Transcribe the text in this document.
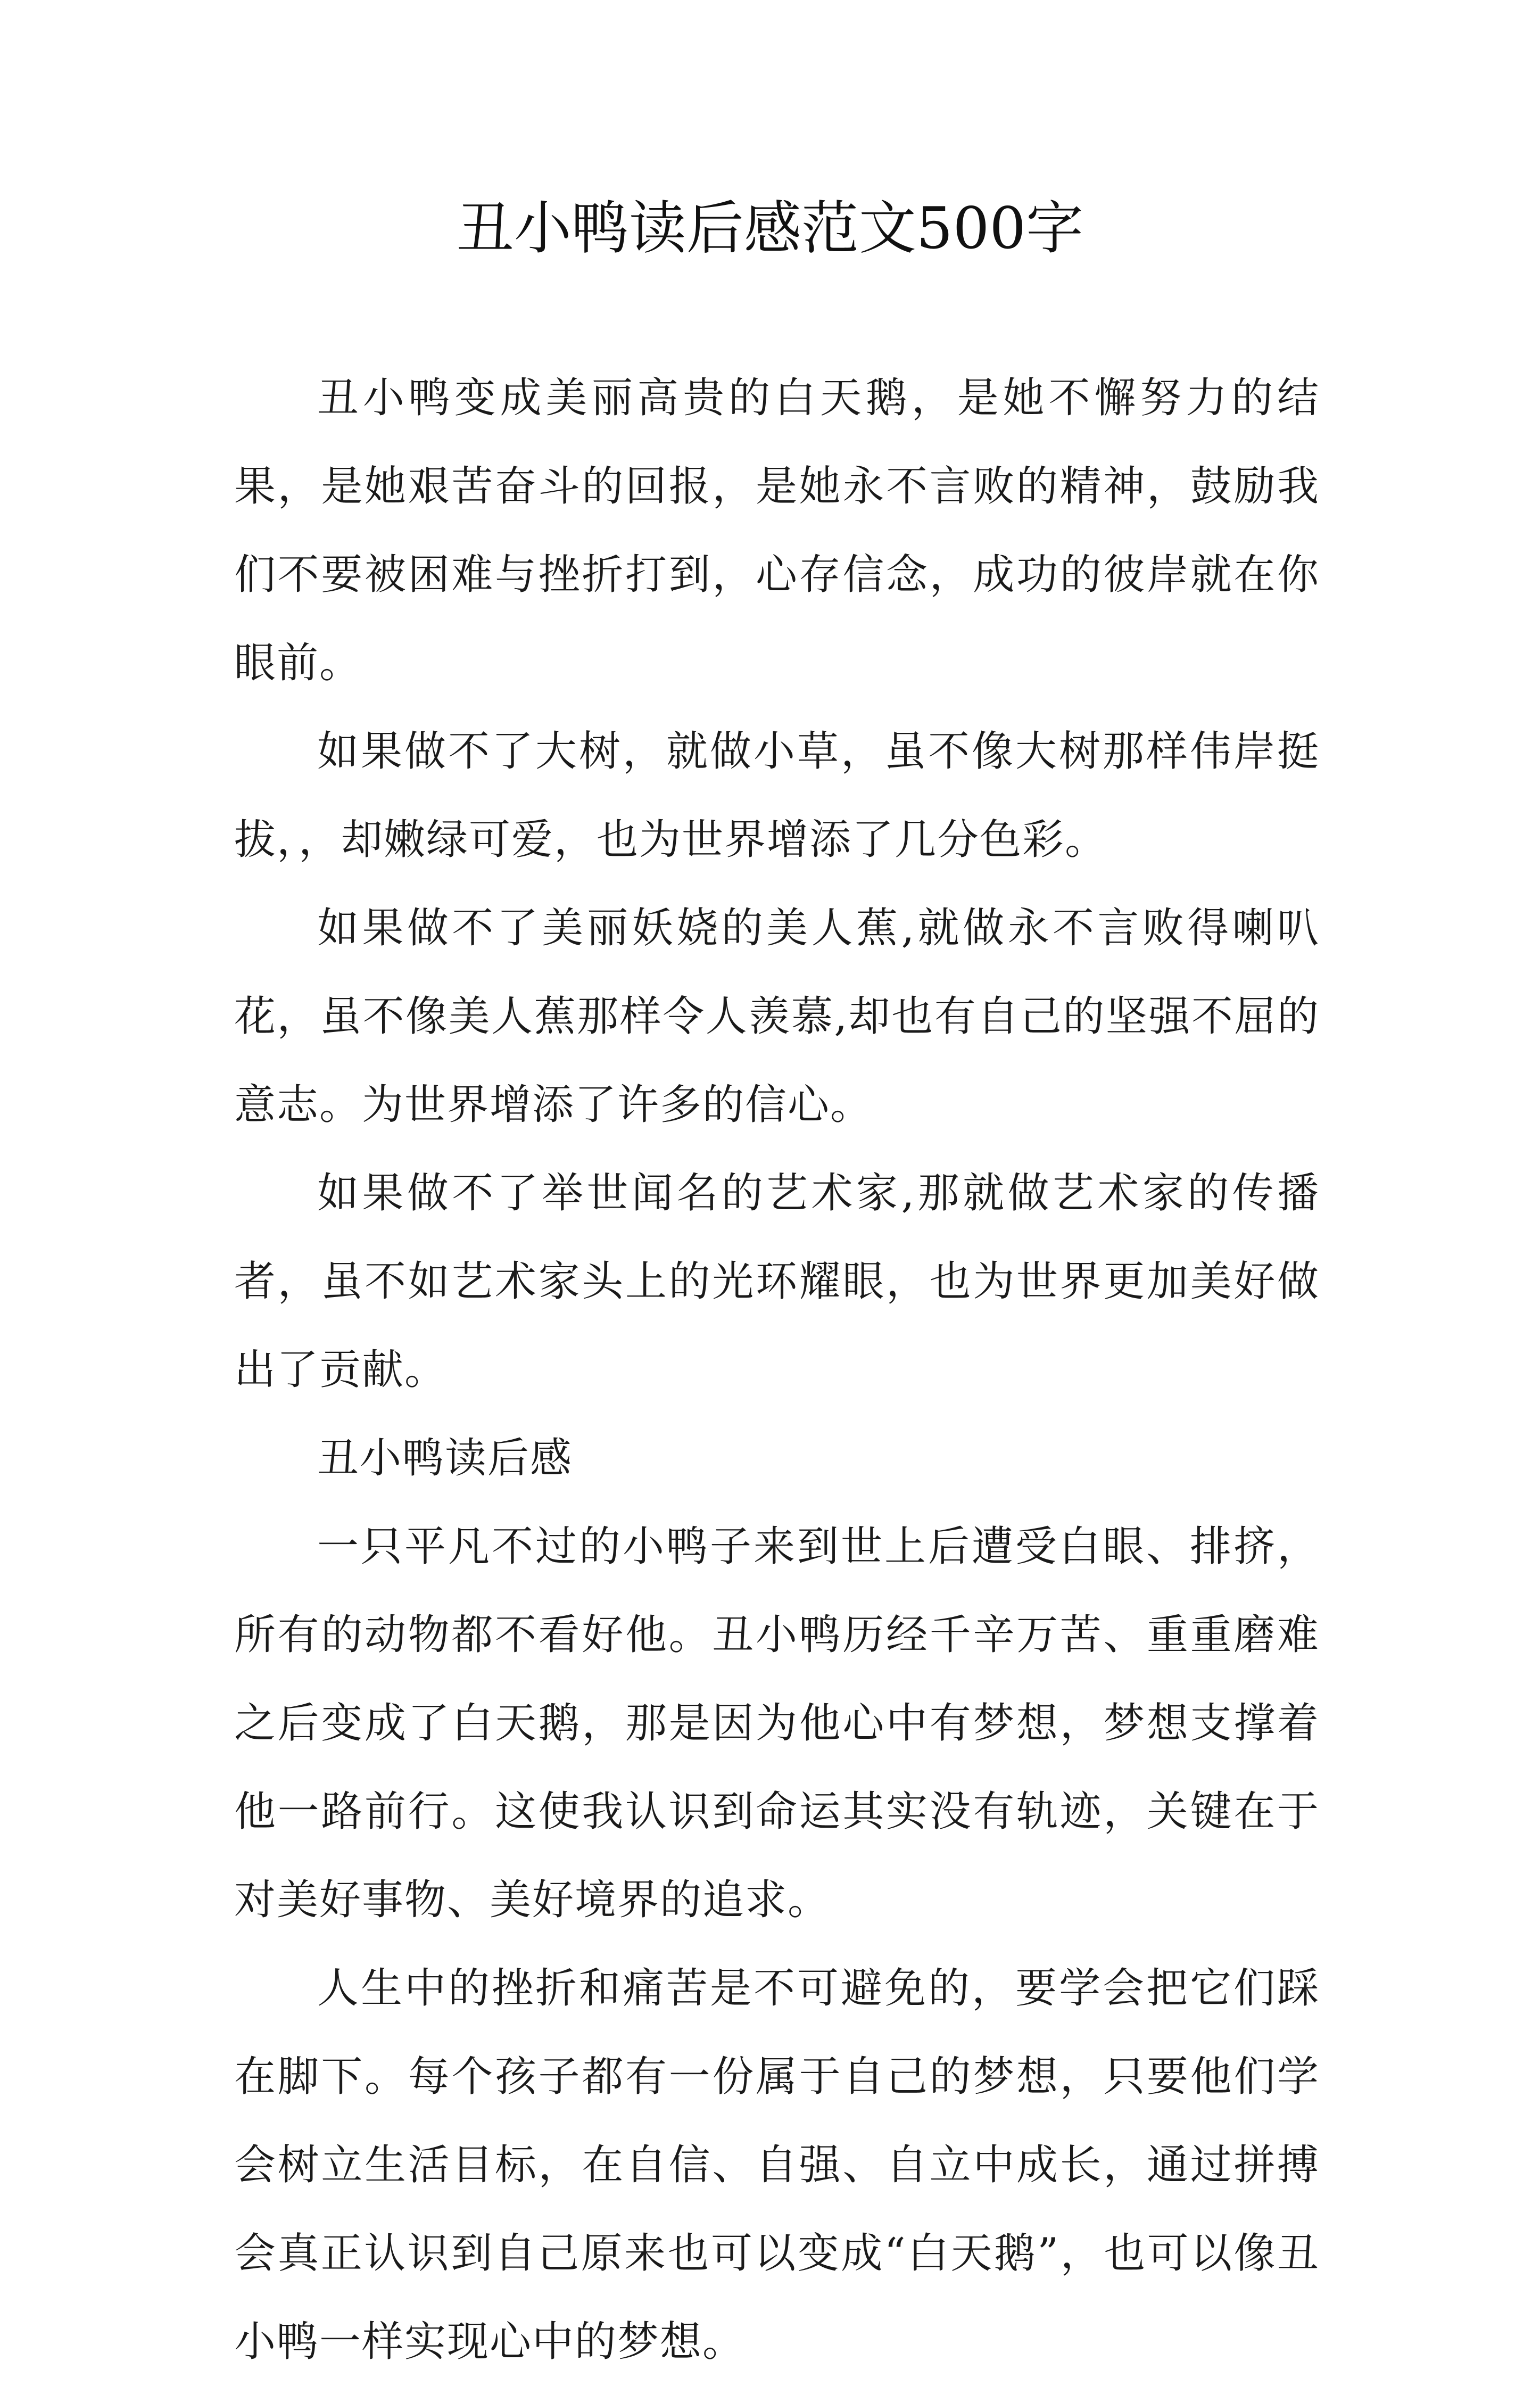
丑小鸭读后感范文500字

丑小鸭变成美丽高贵的白天鹅，是她不懈努力的结果，是她艰苦奋斗的回报，是她永不言败的精神，鼓励我们不要被困难与挫折打到，心存信念，成功的彼岸就在你眼前。

如果做不了大树，就做小草，虽不像大树那样伟岸挺拔，，却嫩绿可爱，也为世界增添了几分色彩。

如果做不了美丽妖娆的美人蕉,就做永不言败得喇叭花，虽不像美人蕉那样令人羡慕,却也有自己的坚强不屈的意志。为世界增添了许多的信心。

如果做不了举世闻名的艺术家,那就做艺术家的传播者，虽不如艺术家头上的光环耀眼，也为世界更加美好做出了贡献。

丑小鸭读后感

一只平凡不过的小鸭子来到世上后遭受白眼、排挤，所有的动物都不看好他。丑小鸭历经千辛万苦、重重磨难之后变成了白天鹅，那是因为他心中有梦想，梦想支撑着他一路前行。这使我认识到命运其实没有轨迹，关键在于对美好事物、美好境界的追求。

人生中的挫折和痛苦是不可避免的，要学会把它们踩在脚下。每个孩子都有一份属于自己的梦想，只要他们学会树立生活目标，在自信、自强、自立中成长，通过拼搏会真正认识到自己原来也可以变成“白天鹅”，也可以像丑小鸭一样实现心中的梦想。
